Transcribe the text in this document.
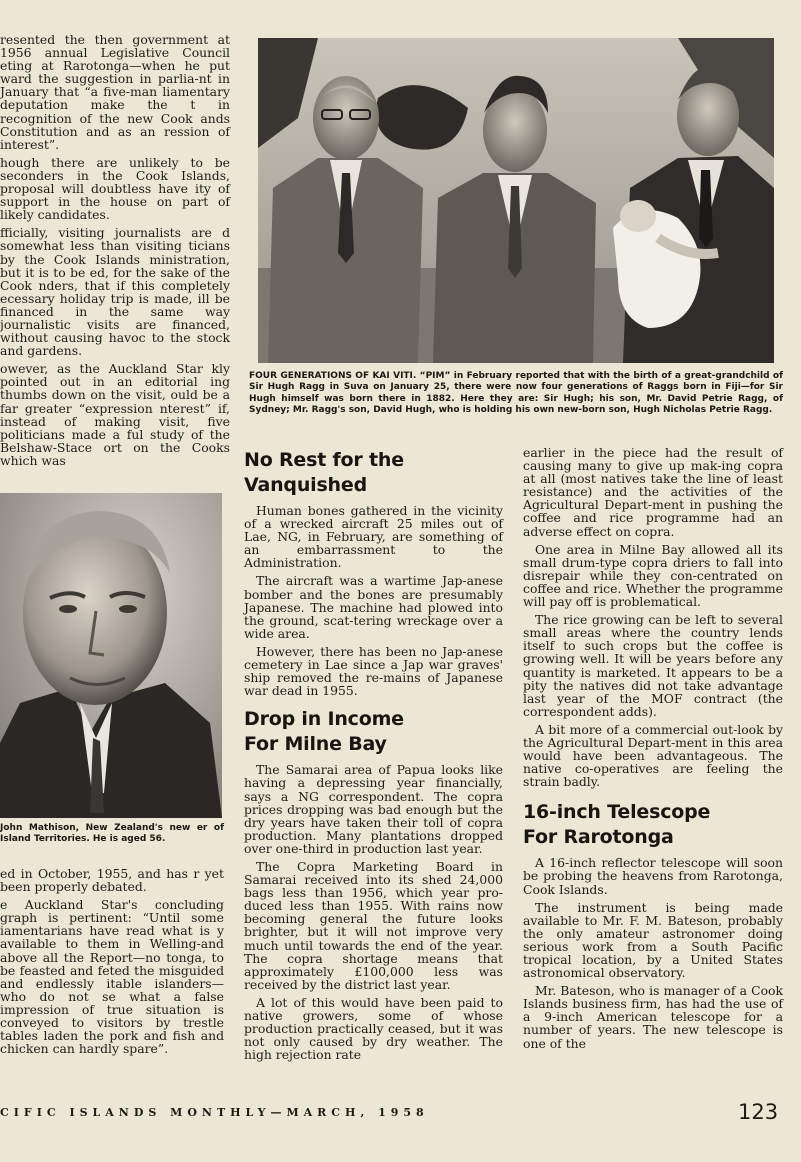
resented the then government at 1956 annual Legislative Council eting at Rarotonga—when he put ward the suggestion in parlia-nt in January that “a five-man liamentary deputation make the t in recognition of the new Cook ands Constitution and as an ression of interest”.

hough there are unlikely to be seconders in the Cook Islands, proposal will doubtless have ity of support in the house on part of likely candidates.

fficially, visiting journalists are d somewhat less than visiting ticians by the Cook Islands ministration, but it is to be ed, for the sake of the Cook nders, that if this completely ecessary holiday trip is made, ill be financed in the same way journalistic visits are financed, without causing havoc to the stock and gardens.

owever, as the Auckland Star kly pointed out in an editorial ing thumbs down on the visit, ould be a far greater “expression nterest” if, instead of making visit, five politicians made a ful study of the Belshaw-Stace ort on the Cooks which was

John Mathison, New Zealand's new er of Island Territories. He is aged 56.

ed in October, 1955, and has r yet been properly debated.

e Auckland Star's concluding graph is pertinent: “Until some iamentarians have read what is y available to them in Welling-and above all the Report—no tonga, to be feasted and feted the misguided and endlessly itable islanders—who do not se what a false impression of true situation is conveyed to visitors by trestle tables laden the pork and fish and chicken can hardly spare”.

FOUR GENERATIONS OF KAI VITI. “PIM” in February reported that with the birth of a great-grandchild of Sir Hugh Ragg in Suva on January 25, there were now four generations of Raggs born in Fiji—for Sir Hugh himself was born there in 1882. Here they are: Sir Hugh; his son, Mr. David Petrie Ragg, of Sydney; Mr. Ragg's son, David Hugh, who is holding his own new-born son, Hugh Nicholas Petrie Ragg.
No Rest for the
Vanquished

Human bones gathered in the vicinity of a wrecked aircraft 25 miles out of Lae, NG, in February, are something of an embarrassment to the Administration.

The aircraft was a wartime Jap-anese bomber and the bones are presumably Japanese. The machine had plowed into the ground, scat-tering wreckage over a wide area.

However, there has been no Jap-anese cemetery in Lae since a Jap war graves' ship removed the re-mains of Japanese war dead in 1955.

Drop in Income
For Milne Bay

The Samarai area of Papua looks like having a depressing year financially, says a NG correspondent. The copra prices dropping was bad enough but the dry years have taken their toll of copra production. Many plantations dropped over one-third in production last year.

The Copra Marketing Board in Samarai received into its shed 24,000 bags less than 1956, which year pro-duced less than 1955. With rains now becoming general the future looks brighter, but it will not improve very much until towards the end of the year. The copra shortage means that approximately £100,000 less was received by the district last year.

A lot of this would have been paid to native growers, some of whose production practically ceased, but it was not only caused by dry weather. The high rejection rate

earlier in the piece had the result of causing many to give up mak-ing copra at all (most natives take the line of least resistance) and the activities of the Agricultural Depart-ment in pushing the coffee and rice programme had an adverse effect on copra.

One area in Milne Bay allowed all its small drum-type copra driers to fall into disrepair while they con-centrated on coffee and rice. Whether the programme will pay off is problematical.

The rice growing can be left to several small areas where the country lends itself to such crops but the coffee is growing well. It will be years before any quantity is marketed. It appears to be a pity the natives did not take advantage last year of the MOF contract (the correspondent adds).

A bit more of a commercial out-look by the Agricultural Depart-ment in this area would have been advantageous. The native co-operatives are feeling the strain badly.

16-inch Telescope
For Rarotonga

A 16-inch reflector telescope will soon be probing the heavens from Rarotonga, Cook Islands.

The instrument is being made available to Mr. F. M. Bateson, probably the only amateur astronomer doing serious work from a South Pacific tropical location, by a United States astronomical observatory.

Mr. Bateson, who is manager of a Cook Islands business firm, has had the use of a 9-inch American telescope for a number of years. The new telescope is one of the

CIFIC ISLANDS MONTHLY—MARCH, 1958	123
